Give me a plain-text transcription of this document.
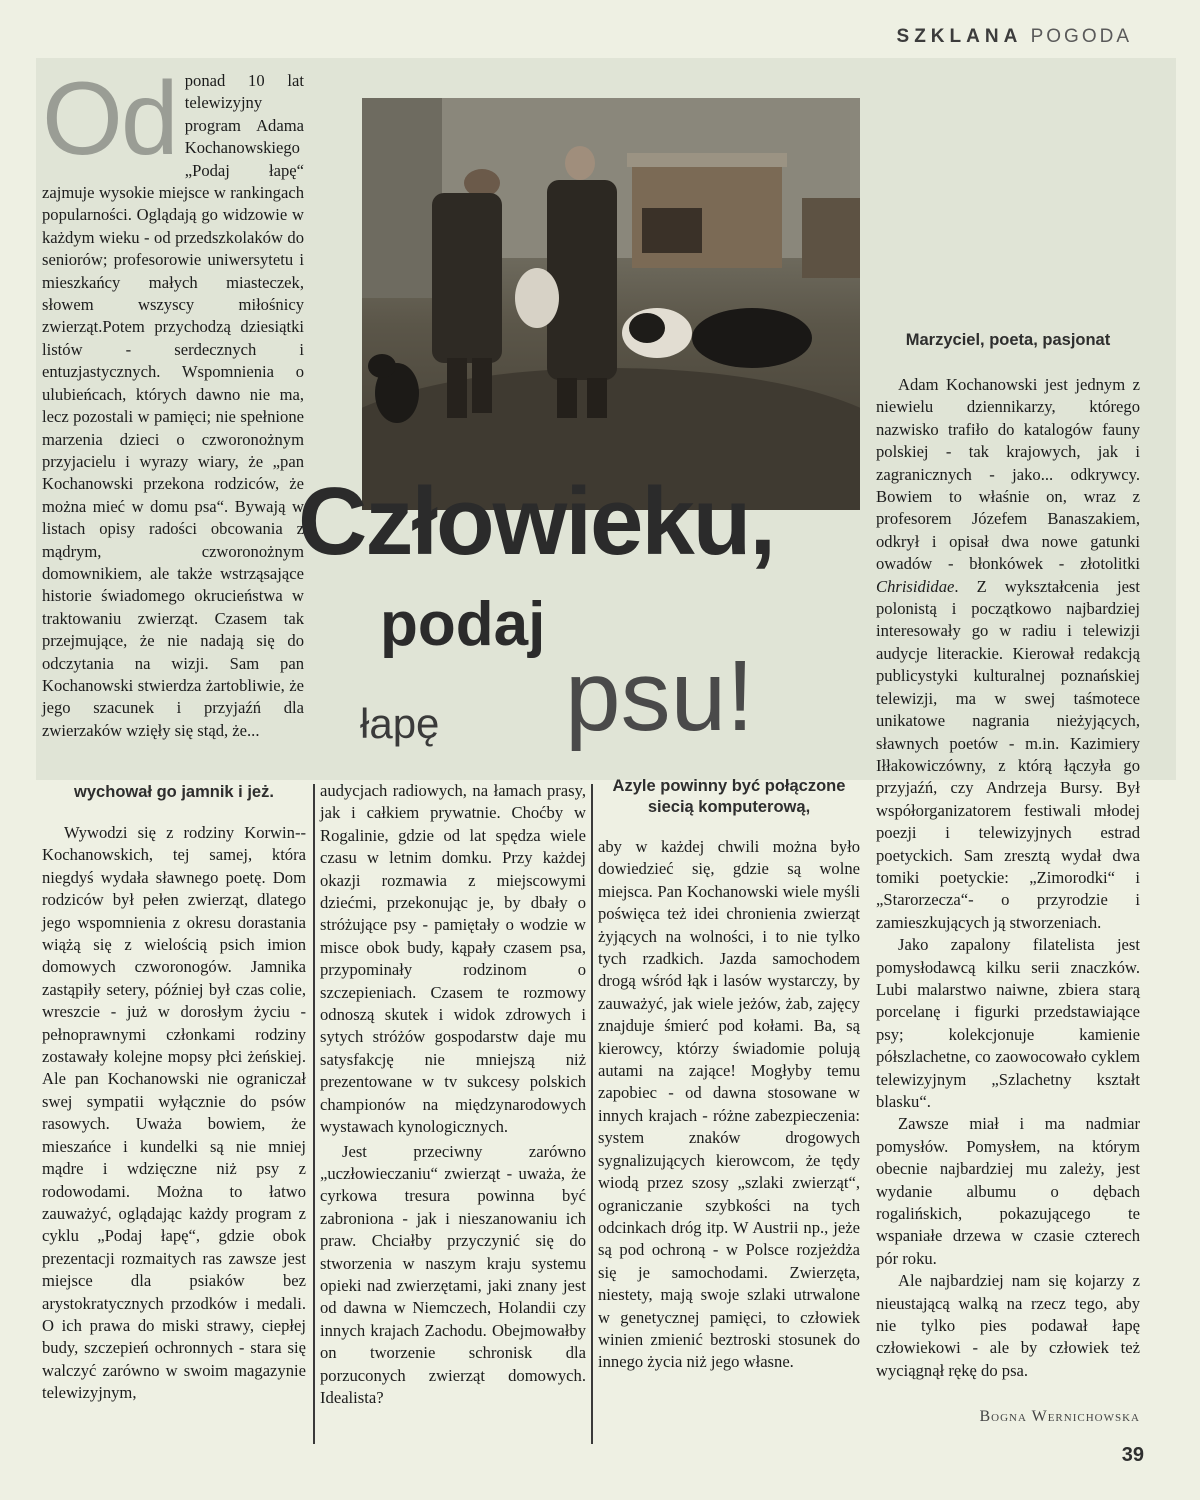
SZKLANA POGODA
Od ponad 10 lat telewizyjny program Adama Kochanowskiego „Podaj łapę“ zajmuje wysokie miejsce w rankingach popularności. Oglądają go widzowie w każdym wieku - od przedszkolaków do seniorów; profesorowie uniwersytetu i mieszkańcy małych miasteczek, słowem wszyscy miłośnicy zwierząt.Potem przychodzą dziesiątki listów - serdecznych i entuzjastycznych. Wspomnienia o ulubieńcach, których dawno nie ma, lecz pozostali w pamięci; nie spełnione marzenia dzieci o czworonożnym przyjacielu i wyrazy wiary, że „pan Kochanowski przekona rodziców, że można mieć w domu psa“. Bywają w listach opisy radości obcowania z mądrym, czworonożnym domownikiem, ale także wstrząsające historie świadomego okrucieństwa w traktowaniu zwierząt. Czasem tak przejmujące, że nie nadają się do odczytania na wizji. Sam pan Kochanowski stwierdza żartobliwie, że jego szacunek i przyjaźń dla zwierzaków wzięły się stąd, że...

Człowieku,
podaj
psu!
łapę
wychował go jamnik i jeż.	Azyle powinny być połączone siecią komputerową,
Marzyciel, poeta, pasjonat

Wywodzi się z rodziny Korwin--Kochanowskich, tej samej, która niegdyś wydała sławnego poetę. Dom rodziców był pełen zwierząt, dlatego jego wspomnienia z okresu dorastania wiążą się z wielością psich imion domowych czworonogów. Jamnika zastąpiły setery, później był czas colie, wreszcie - już w dorosłym życiu - pełnoprawnymi członkami rodziny zostawały kolejne mopsy płci żeńskiej. Ale pan Kochanowski nie ograniczał swej sympatii wyłącznie do psów rasowych. Uważa bowiem, że mieszańce i kundelki są nie mniej mądre i wdzięczne niż psy z rodowodami. Można to łatwo zauważyć, oglądając każdy program z cyklu „Podaj łapę“, gdzie obok prezentacji rozmaitych ras zawsze jest miejsce dla psiaków bez arystokratycznych przodków i medali. O ich prawa do miski strawy, ciepłej budy, szczepień ochronnych - stara się walczyć zarówno w swoim magazynie telewizyjnym,

audycjach radiowych, na łamach prasy, jak i całkiem prywatnie. Choćby w Rogalinie, gdzie od lat spędza wiele czasu w letnim domku. Przy każdej okazji rozmawia z miejscowymi dziećmi, przekonując je, by dbały o stróżujące psy - pamiętały o wodzie w misce obok budy, kąpały czasem psa, przypominały rodzinom o szczepieniach. Czasem te rozmowy odnoszą skutek i widok zdrowych i sytych stróżów gospodarstw daje mu satysfakcję nie mniejszą niż prezentowane w tv sukcesy polskich championów na międzynarodowych wystawach kynologicznych.

Jest przeciwny zarówno „uczłowieczaniu“ zwierząt - uważa, że cyrkowa tresura powinna być zabroniona - jak i nieszanowaniu ich praw. Chciałby przyczynić się do stworzenia w naszym kraju systemu opieki nad zwierzętami, jaki znany jest od dawna w Niemczech, Holandii czy innych krajach Zachodu. Obejmowałby on tworzenie schronisk dla porzuconych zwierząt domowych. Idealista?

aby w każdej chwili można było dowiedzieć się, gdzie są wolne miejsca. Pan Kochanowski wiele myśli poświęca też idei chronienia zwierząt żyjących na wolności, i to nie tylko tych rzadkich. Jazda samochodem drogą wśród łąk i lasów wystarczy, by zauważyć, jak wiele jeżów, żab, zajęcy znajduje śmierć pod kołami. Ba, są kierowcy, którzy świadomie polują autami na zające! Mogłyby temu zapobiec - od dawna stosowane w innych krajach - różne zabezpieczenia: system znaków drogowych sygnalizujących kierowcom, że tędy wiodą przez szosy „szlaki zwierząt“, ograniczanie szybkości na tych odcinkach dróg itp. W Austrii np., jeże są pod ochroną - w Polsce rozjeżdża się je samochodami. Zwierzęta, niestety, mają swoje szlaki utrwalone w genetycznej pamięci, to człowiek winien zmienić beztroski stosunek do innego życia niż jego własne.

Adam Kochanowski jest jednym z niewielu dziennikarzy, którego nazwisko trafiło do katalogów fauny polskiej - tak krajowych, jak i zagranicznych - jako... odkrywcy. Bowiem to właśnie on, wraz z profesorem Józefem Banaszakiem, odkrył i opisał dwa nowe gatunki owadów - błonkówek - złotolitki Chrisididae. Z wykształcenia jest polonistą i początkowo najbardziej interesowały go w radiu i telewizji audycje literackie. Kierował redakcją publicystyki kulturalnej poznańskiej telewizji, ma w swej taśmotece unikatowe nagrania nieżyjących, sławnych poetów - m.in. Kazimiery Iłłakowiczówny, z którą łączyła go przyjaźń, czy Andrzeja Bursy. Był współorganizatorem festiwali młodej poezji i telewizyjnych estrad poetyckich. Sam zresztą wydał dwa tomiki poetyckie: „Zimorodki“ i „Starorzecza“- o przyrodzie i zamieszkujących ją stworzeniach.

Jako zapalony filatelista jest pomysłodawcą kilku serii znaczków. Lubi malarstwo naiwne, zbiera starą porcelanę i figurki przedstawiające psy; kolekcjonuje kamienie półszlachetne, co zaowocowało cyklem telewizyjnym „Szlachetny kształt blasku“.

Zawsze miał i ma nadmiar pomysłów. Pomysłem, na którym obecnie najbardziej mu zależy, jest wydanie albumu o dębach rogalińskich, pokazującego te wspaniałe drzewa w czasie czterech pór roku.

Ale najbardziej nam się kojarzy z nieustającą walką na rzecz tego, aby nie tylko pies podawał łapę człowiekowi - ale by człowiek też wyciągnął rękę do psa.

Bogna Wernichowska
39
